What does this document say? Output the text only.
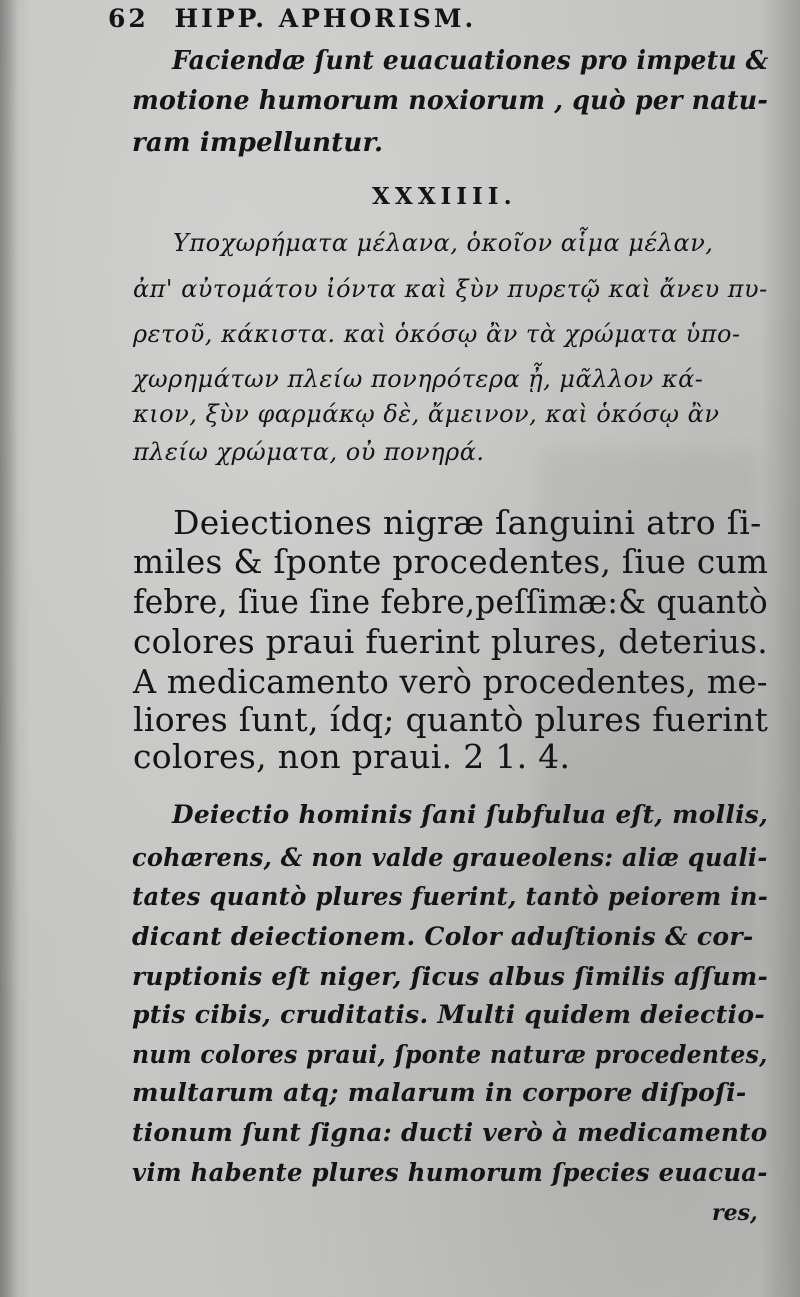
62 HIPP. APHORISM.
Faciendæ ſunt euacuationes pro impetu &
motione humorum noxiorum , quò per natu-
ram impelluntur.
XXXIIII.
Υποχωρήματα μέλανα, ὁκοῖον αἷμα μέλαν,
ἀπ' αὐτομάτου ἰόντα καὶ ξὺν πυρετῷ καὶ ἄνευ πυ-
ρετοῦ, κάκιστα. καὶ ὁκόσῳ ἂν τὰ χρώματα ὑπο-
χωρημάτων πλείω πονηρότερα ᾖ, μᾶλλον κά-
κιον, ξὺν φαρμάκῳ δὲ, ἄμεινον, καὶ ὁκόσῳ ἂν
πλείω χρώματα, οὐ πονηρά.
Deiectiones nigræ ſanguini atro ſi-
miles & ſponte procedentes, ſiue cum
febre, ſiue ſine febre,peſſimæ:& quantò
colores praui fuerint plures, deterius.
A medicamento verò procedentes, me-
liores ſunt, ídq; quantò plures fuerint
colores, non praui. 2 1. 4.
Deiectio hominis ſani ſubfulua eſt, mollis,
cohærens, & non valde graueolens: aliæ quali-
tates quantò plures fuerint, tantò peiorem in-
dicant deiectionem. Color aduſtionis & cor-
ruptionis eſt niger, ſicus albus ſimilis aſſum-
ptis cibis, cruditatis. Multi quidem deiectio-
num colores praui, ſponte naturæ procedentes,
multarum atq; malarum in corpore diſpoſi-
tionum ſunt ſigna: ducti verò à medicamento
vim habente plures humorum ſpecies euacua-
res,
